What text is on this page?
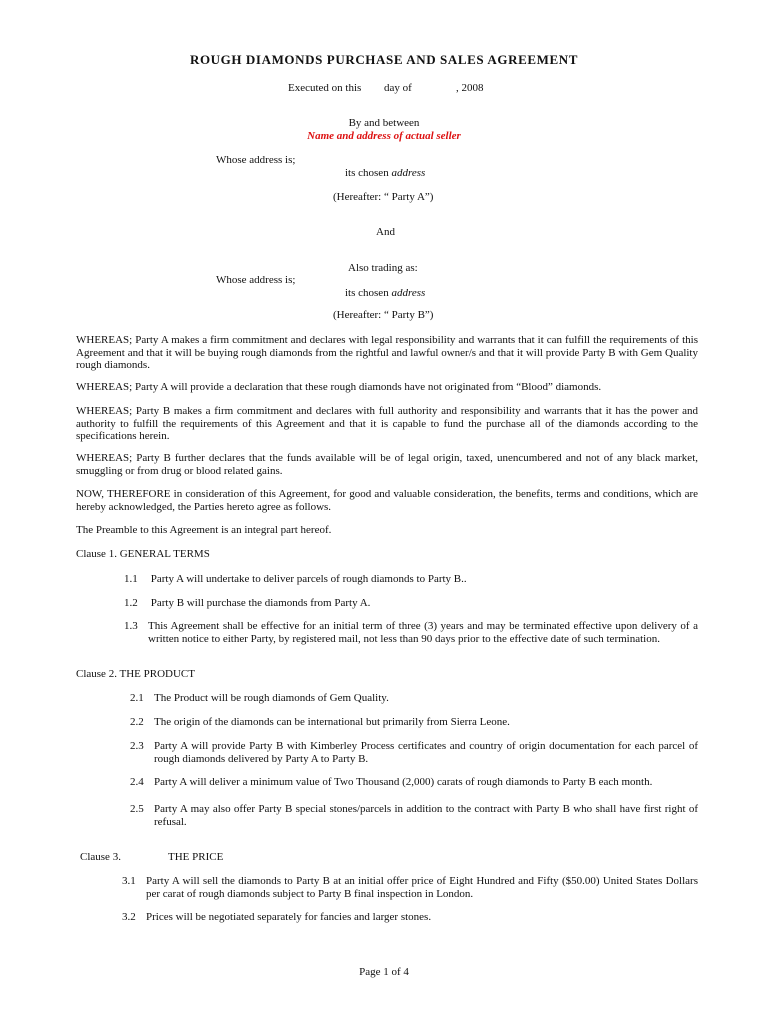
ROUGH DIAMONDS PURCHASE AND SALES AGREEMENT
Executed on this day of	, 2008
By and between
Name and address of actual seller
Whose address is;
its chosen address
(Hereafter: “ Party A”)
And
Also trading as:
Whose address is;
its chosen address
(Hereafter: “ Party B”)
WHEREAS; Party A makes a firm commitment and declares with legal responsibility and warrants that it can fulfill the requirements of this Agreement and that it will be buying rough diamonds from the rightful and lawful owner/s and that it will provide Party B with Gem Quality rough diamonds.
WHEREAS; Party A will provide a declaration that these rough diamonds have not originated from “Blood” diamonds.
WHEREAS; Party B makes a firm commitment and declares with full authority and responsibility and warrants that it has the power and authority to fulfill the requirements of this Agreement and that it is capable to fund the purchase all of the diamonds according to the specifications herein.
WHEREAS; Party B further declares that the funds available will be of legal origin, taxed, unencumbered and not of any black market, smuggling or from drug or blood related gains.
NOW, THEREFORE in consideration of this Agreement, for good and valuable consideration, the benefits, terms and conditions, which are hereby acknowledged, the Parties hereto agree as follows.
The Preamble to this Agreement is an integral part hereof.
Clause 1. GENERAL TERMS
1.1 Party A will undertake to deliver parcels of rough diamonds to Party B..
1.2 Party B will purchase the diamonds from Party A.
1.3 This Agreement shall be effective for an initial term of three (3) years and may be terminated effective upon delivery of a written notice to either Party, by registered mail, not less than 90 days prior to the effective date of such termination.
Clause 2. THE PRODUCT
2.1 The Product will be rough diamonds of Gem Quality.
2.2 The origin of the diamonds can be international but primarily from Sierra Leone.
2.3 Party A will provide Party B with Kimberley Process certificates and country of origin documentation for each parcel of rough diamonds delivered by Party A to Party B.
2.4 Party A will deliver a minimum value of Two Thousand (2,000) carats of rough diamonds to Party B each month.
2.5 Party A may also offer Party B special stones/parcels in addition to the contract with Party B who shall have first right of refusal.
Clause 3.	THE PRICE
3.1 Party A will sell the diamonds to Party B at an initial offer price of Eight Hundred and Fifty ($50.00) United States Dollars per carat of rough diamonds subject to Party B final inspection in London.
3.2 Prices will be negotiated separately for fancies and larger stones.
Page 1 of 4
